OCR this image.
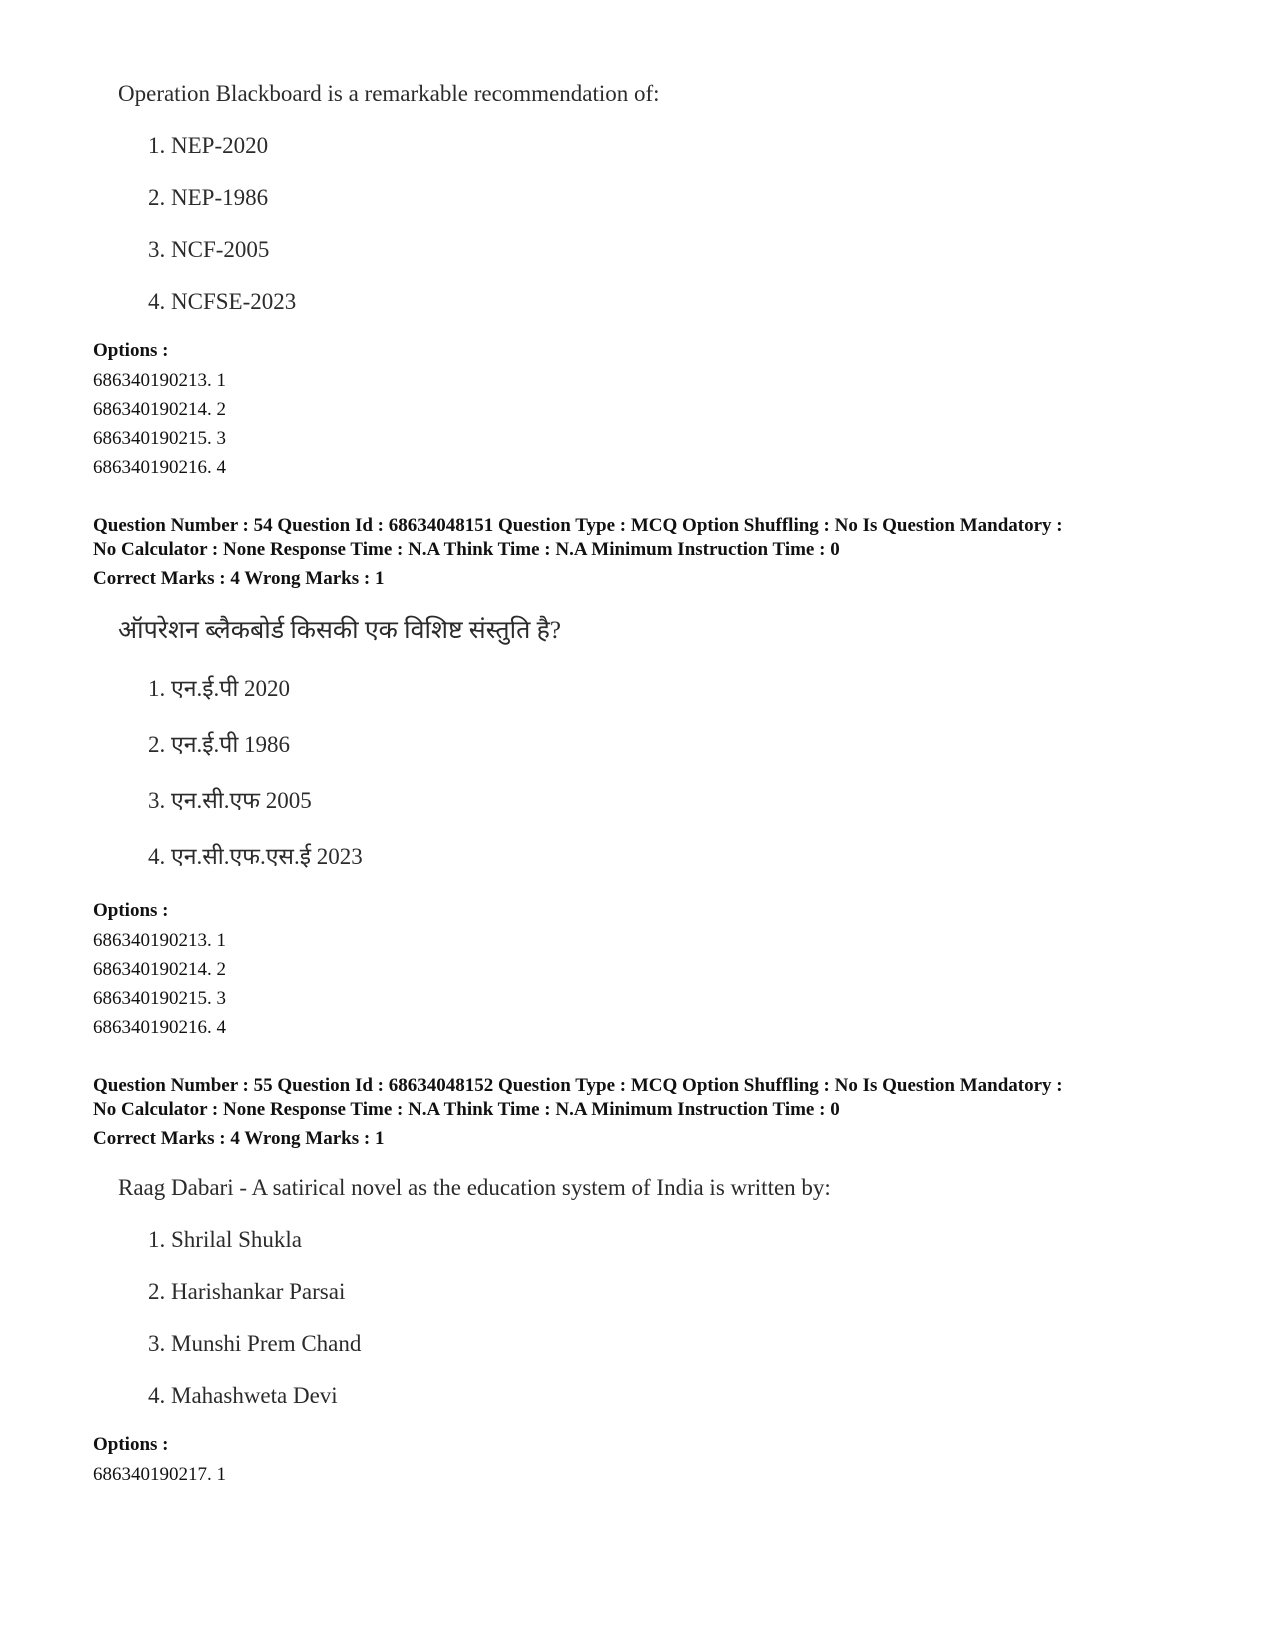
Operation Blackboard is a remarkable recommendation of:

1. NEP-2020
2. NEP-1986
3. NCF-2005
4. NCFSE-2023

Options :

686340190213. 1

686340190214. 2

686340190215. 3

686340190216. 4

Question Number : 54 Question Id : 68634048151 Question Type : MCQ Option Shuffling : No Is Question Mandatory :

No Calculator : None Response Time : N.A Think Time : N.A Minimum Instruction Time : 0

Correct Marks : 4 Wrong Marks : 1

ऑपरेशन ब्लैकबोर्ड किसकी एक विशिष्ट संस्तुति है?

1. एन.ई.पी 2020
2. एन.ई.पी 1986
3. एन.सी.एफ 2005
4. एन.सी.एफ.एस.ई 2023

Options :

686340190213. 1

686340190214. 2

686340190215. 3

686340190216. 4

Question Number : 55 Question Id : 68634048152 Question Type : MCQ Option Shuffling : No Is Question Mandatory :

No Calculator : None Response Time : N.A Think Time : N.A Minimum Instruction Time : 0

Correct Marks : 4 Wrong Marks : 1

Raag Dabari - A satirical novel as the education system of India is written by:

1. Shrilal Shukla
2. Harishankar Parsai
3. Munshi Prem Chand
4. Mahashweta Devi

Options :

686340190217. 1
